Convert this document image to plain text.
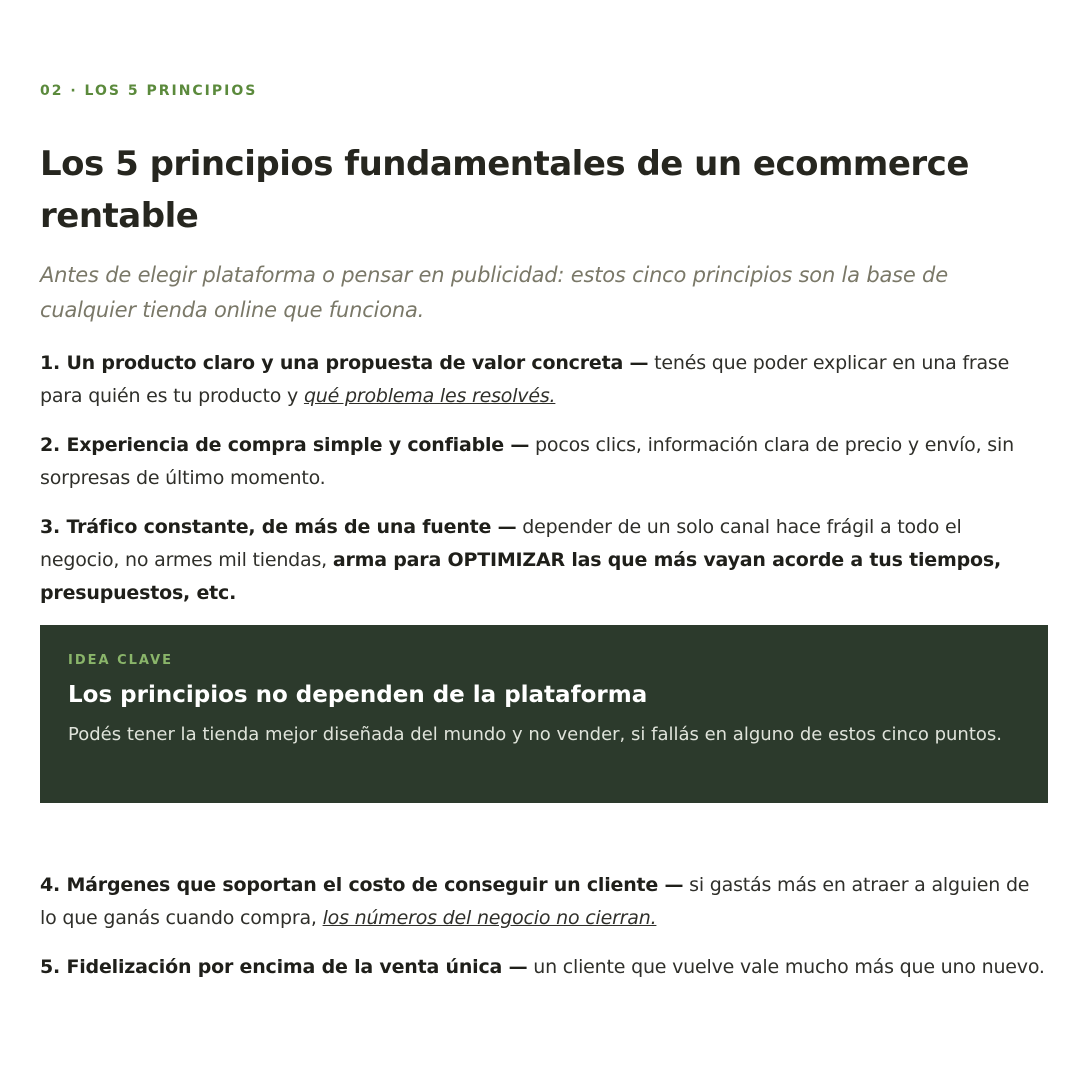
02 · LOS 5 PRINCIPIOS
Los 5 principios fundamentales de un ecommerce rentable

Antes de elegir plataforma o pensar en publicidad: estos cinco principios son la base de cualquier tienda online que funciona.

1. Un producto claro y una propuesta de valor concreta — tenés que poder explicar en una frase para quién es tu producto y qué problema les resolvés.

2. Experiencia de compra simple y confiable — pocos clics, información clara de precio y envío, sin sorpresas de último momento.

3. Tráfico constante, de más de una fuente — depender de un solo canal hace frágil a todo el negocio, no armes mil tiendas, arma para OPTIMIZAR las que más vayan acorde a tus tiempos, presupuestos, etc.

IDEA CLAVE
Los principios no dependen de la plataforma

Podés tener la tienda mejor diseñada del mundo y no vender, si fallás en alguno de estos cinco puntos.

4. Márgenes que soportan el costo de conseguir un cliente — si gastás más en atraer a alguien de lo que ganás cuando compra, los números del negocio no cierran.

5. Fidelización por encima de la venta única — un cliente que vuelve vale mucho más que uno nuevo.
